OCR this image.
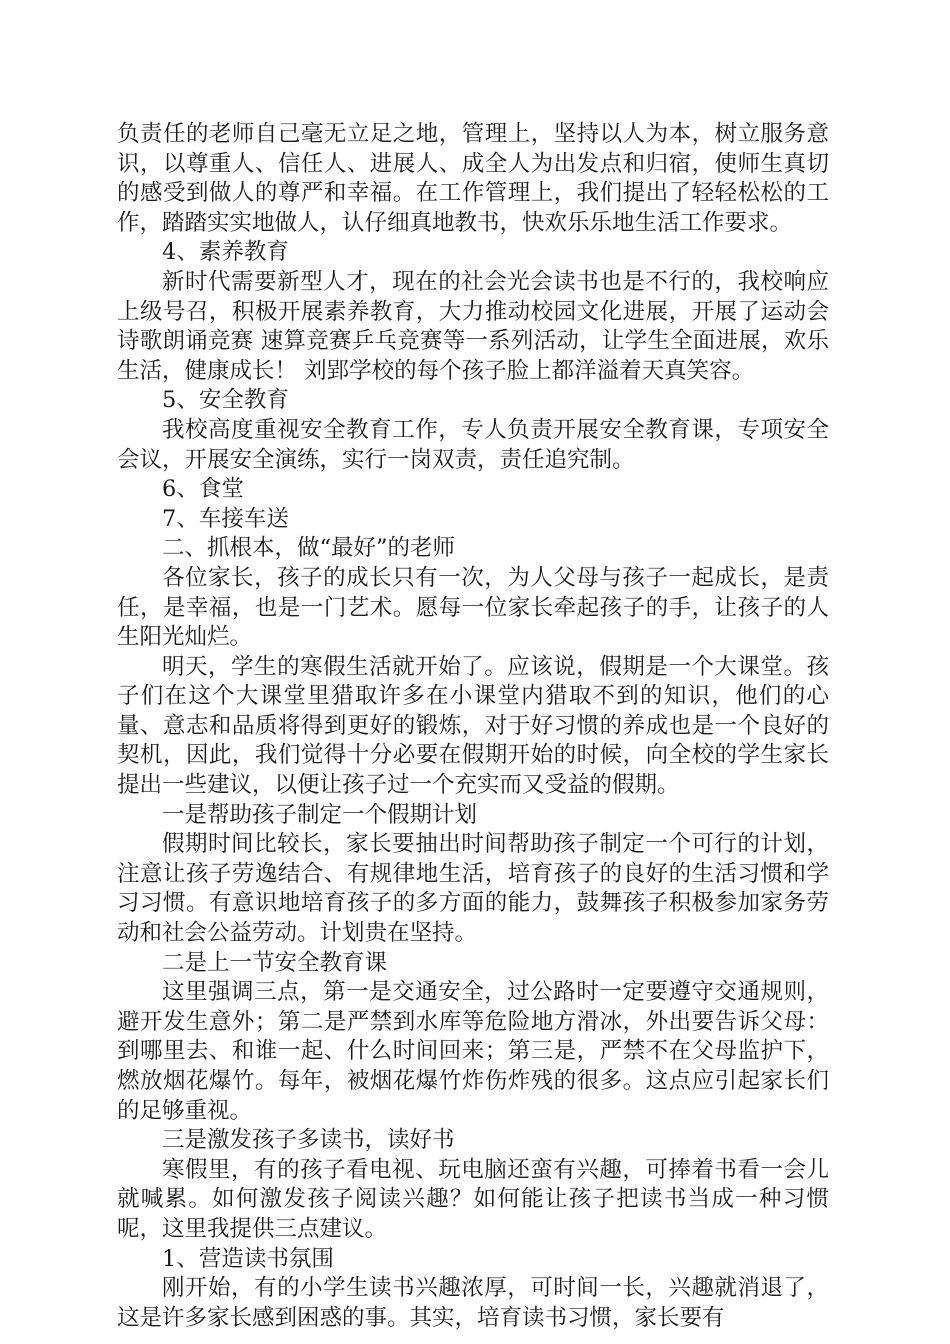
负责任的老师自己毫无立足之地，管理上，坚持以人为本，树立服务意识，以尊重人、信任人、进展人、成全人为出发点和归宿，使师生真切的感受到做人的尊严和幸福。在工作管理上，我们提出了轻轻松松的工作，踏踏实实地做人，认仔细真地教书，快欢乐乐地生活工作要求。

4、素养教育

新时代需要新型人才，现在的社会光会读书也是不行的，我校响应上级号召，积极开展素养教育，大力推动校园文化进展，开展了运动会 诗歌朗诵竞赛 速算竞赛乒乓竞赛等一系列活动，让学生全面进展，欢乐生活，健康成长！ 刘郢学校的每个孩子脸上都洋溢着天真笑容。

5、安全教育

我校高度重视安全教育工作，专人负责开展安全教育课，专项安全会议，开展安全演练，实行一岗双责，责任追究制。

6、食堂

7、车接车送

二、抓根本，做“最好”的老师

各位家长，孩子的成长只有一次，为人父母与孩子一起成长，是责任，是幸福，也是一门艺术。愿每一位家长牵起孩子的手，让孩子的人生阳光灿烂。

明天，学生的寒假生活就开始了。应该说，假期是一个大课堂。孩子们在这个大课堂里猎取许多在小课堂内猎取不到的知识，他们的心量、意志和品质将得到更好的锻炼，对于好习惯的养成也是一个良好的契机，因此，我们觉得十分必要在假期开始的时候，向全校的学生家长提出一些建议，以便让孩子过一个充实而又受益的假期。

一是帮助孩子制定一个假期计划

假期时间比较长，家长要抽出时间帮助孩子制定一个可行的计划，注意让孩子劳逸结合、有规律地生活，培育孩子的良好的生活习惯和学习习惯。有意识地培育孩子的多方面的能力，鼓舞孩子积极参加家务劳动和社会公益劳动。计划贵在坚持。

二是上一节安全教育课

这里强调三点，第一是交通安全，过公路时一定要遵守交通规则，避开发生意外；第二是严禁到水库等危险地方滑冰，外出要告诉父母：到哪里去、和谁一起、什么时间回来；第三是，严禁不在父母监护下，燃放烟花爆竹。每年，被烟花爆竹炸伤炸残的很多。这点应引起家长们的足够重视。

三是激发孩子多读书，读好书

寒假里，有的孩子看电视、玩电脑还蛮有兴趣，可捧着书看一会儿就喊累。如何激发孩子阅读兴趣？如何能让孩子把读书当成一种习惯呢，这里我提供三点建议。

1、营造读书氛围

刚开始，有的小学生读书兴趣浓厚，可时间一长，兴趣就消退了，这是许多家长感到困惑的事。其实，培育读书习惯，家长要有
